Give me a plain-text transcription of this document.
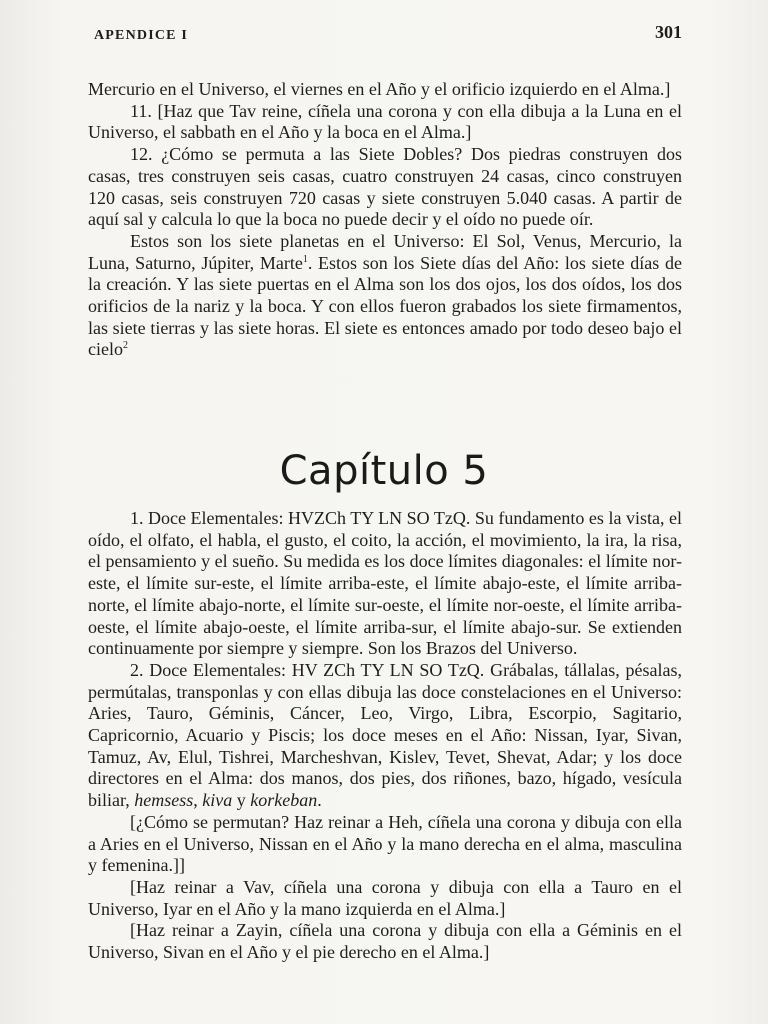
APENDICE I	301

Mercurio en el Universo, el viernes en el Año y el orificio izquierdo en el Alma.]

11. [Haz que Tav reine, cíñela una corona y con ella dibuja a la Luna en el Universo, el sabbath en el Año y la boca en el Alma.]

12. ¿Cómo se permuta a las Siete Dobles? Dos piedras construyen dos casas, tres construyen seis casas, cuatro construyen 24 casas, cinco construyen 120 casas, seis construyen 720 casas y siete construyen 5.040 casas. A partir de aquí sal y calcula lo que la boca no puede decir y el oído no puede oír.

Estos son los siete planetas en el Universo: El Sol, Venus, Mercurio, la Luna, Saturno, Júpiter, Marte$^1$. Estos son los Siete días del Año: los siete días de la creación. Y las siete puertas en el Alma son los dos ojos, los dos oídos, los dos orificios de la nariz y la boca. Y con ellos fueron grabados los siete firmamentos, las siete tierras y las siete horas. El siete es entonces amado por todo deseo bajo el cielo$^2$

Capítulo 5

1. Doce Elementales: HVZCh TY LN SO TzQ. Su fundamento es la vista, el oído, el olfato, el habla, el gusto, el coito, la acción, el movimiento, la ira, la risa, el pensamiento y el sueño. Su medida es los doce límites diagonales: el límite nor-este, el límite sur-este, el límite arriba-este, el límite abajo-este, el límite arriba-norte, el límite abajo-norte, el límite sur-oeste, el límite nor-oeste, el límite arriba-oeste, el límite abajo-oeste, el límite arriba-sur, el límite abajo-sur. Se extienden continuamente por siempre y siempre. Son los Brazos del Universo.

2. Doce Elementales: HV ZCh TY LN SO TzQ. Grábalas, tállalas, pésalas, permútalas, transponlas y con ellas dibuja las doce constelaciones en el Universo: Aries, Tauro, Géminis, Cáncer, Leo, Virgo, Libra, Escorpio, Sagitario, Capricornio, Acuario y Piscis; los doce meses en el Año: Nissan, Iyar, Sivan, Tamuz, Av, Elul, Tishrei, Marcheshvan, Kislev, Tevet, Shevat, Adar; y los doce directores en el Alma: dos manos, dos pies, dos riñones, bazo, hígado, vesícula biliar, hemsess, kiva y korkeban.

[¿Cómo se permutan? Haz reinar a Heh, cíñela una corona y dibuja con ella a Aries en el Universo, Nissan en el Año y la mano derecha en el alma, masculina y femenina.]]

[Haz reinar a Vav, cíñela una corona y dibuja con ella a Tauro en el Universo, Iyar en el Año y la mano izquierda en el Alma.]

[Haz reinar a Zayin, cíñela una corona y dibuja con ella a Géminis en el Universo, Sivan en el Año y el pie derecho en el Alma.]
